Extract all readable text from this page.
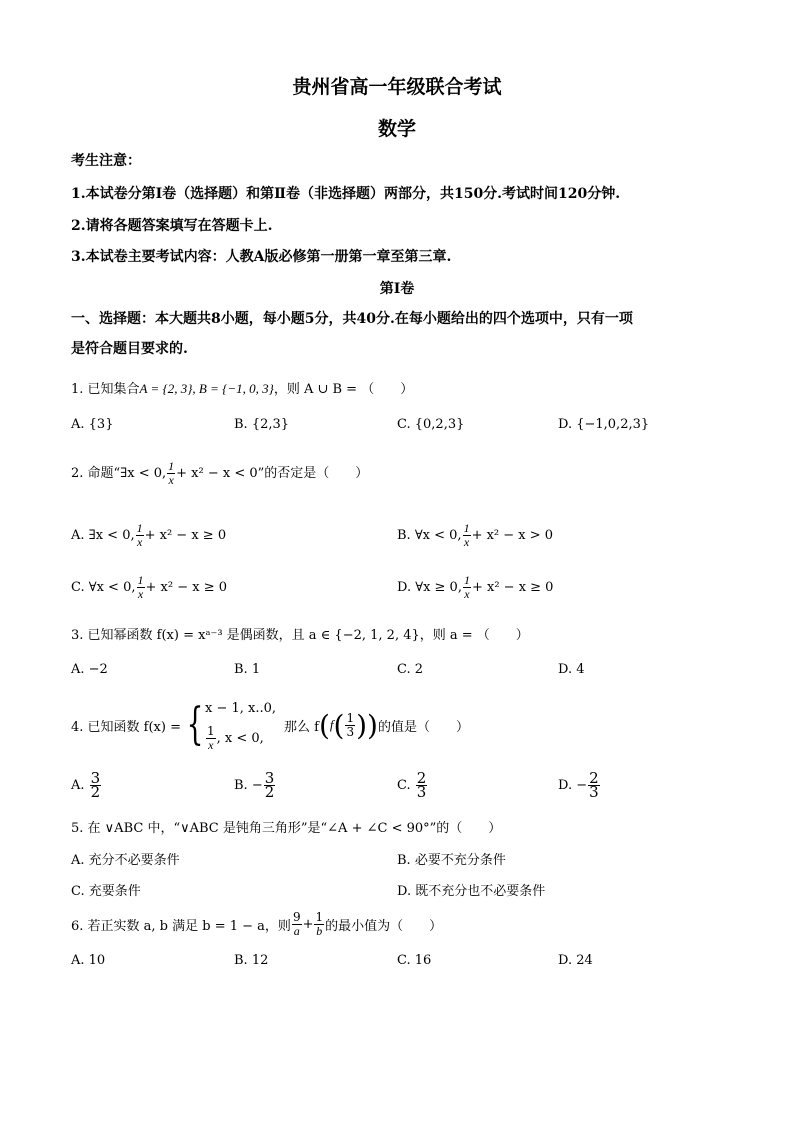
贵州省高一年级联合考试
数学
考生注意：
1.本试卷分第Ⅰ卷（选择题）和第Ⅱ卷（非选择题）两部分，共150分.考试时间120分钟.
2.请将各题答案填写在答题卡上.
3.本试卷主要考试内容：人教A版必修第一册第一章至第三章.
第Ⅰ卷
一、选择题：本大题共8小题，每小题5分，共40分.在每小题给出的四个选项中，只有一项
是符合题目要求的.
1. 已知集合A = {2, 3}, B = {−1, 0, 3}，则 A ∪ B = （　　）
A. {3}	B. {2,3}	C. {0,2,3}	D. {−1,0,2,3}
2. 命题“∃x < 0, $\frac{1}{x} + x^2 - x < 0$”的否定是（　　）
A. ∃x < 0, $\frac{1}{x} + x^2 - x \ge 0$	B. ∀x < 0, $\frac{1}{x} + x^2 - x > 0$
C. ∀x < 0, $\frac{1}{x} + x^2 - x \ge 0$	D. ∀x ≥ 0, $\frac{1}{x} + x^2 - x \ge 0$
3. 已知幂函数 f(x) = xᵃ⁻³ 是偶函数，且 a ∈ {−2, 1, 2, 4}，则 a = （　　）
A. −2	B. 1	C. 2	D. 4
4. 已知函数 f(x) = { x − 1, x..0,
$\frac{1}{x}$ , x < 0,
那么 f ( f ( $\frac{1}{3}$ ) ) 的值是（　　）
A.
$\frac{3}{2}$	B. − $\frac{3}{2}$	C.
$\frac{2}{3}$	D. − $\frac{2}{3}$
5. 在 ∨ABC 中，“∨ABC 是钝角三角形”是“∠A + ∠C < 90°”的（　　）
A. 充分不必要条件	B. 必要不充分条件
C. 充要条件	D. 既不充分也不必要条件
6. 若正实数 a, b 满足 b = 1 − a，则 $\frac{9}{a} + \frac{1}{b}$ 的最小值为（　　）
A. 10	B. 12	C. 16	D. 24
